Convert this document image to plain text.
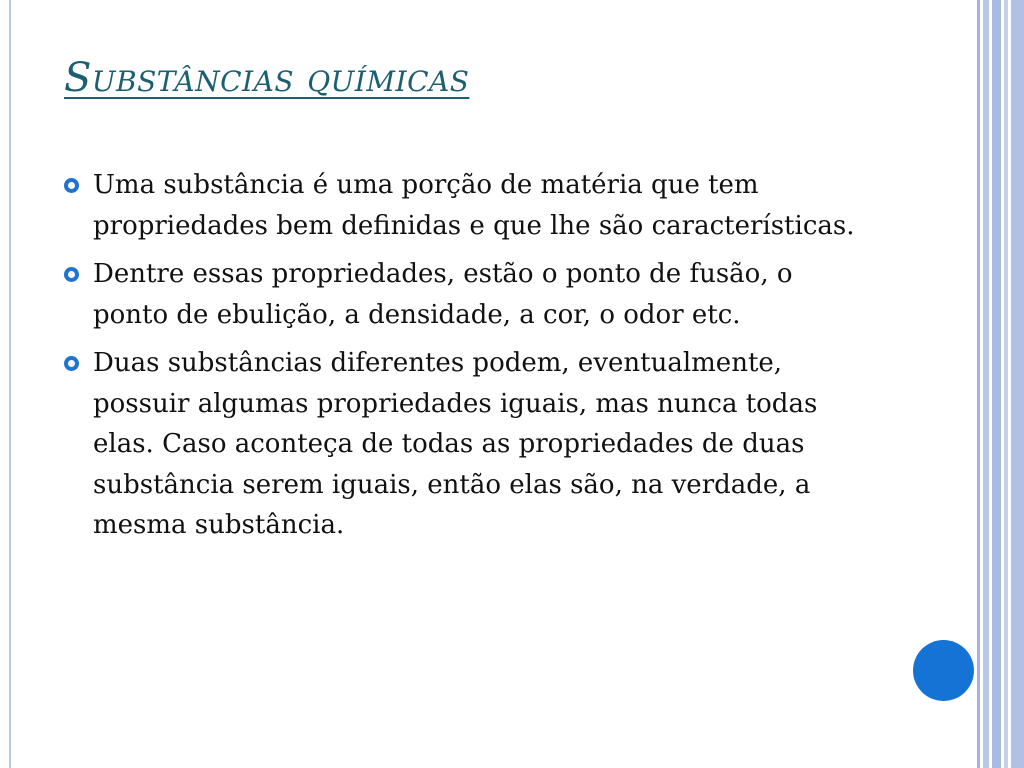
Substâncias químicas
Uma substância é uma porção de matéria que tem propriedades bem definidas e que lhe são características.
Dentre essas propriedades, estão o ponto de fusão, o ponto de ebulição, a densidade, a cor, o odor etc.
Duas substâncias diferentes podem, eventualmente, possuir algumas propriedades iguais, mas nunca todas elas. Caso aconteça de todas as propriedades de duas substância serem iguais, então elas são, na verdade, a mesma substância.
